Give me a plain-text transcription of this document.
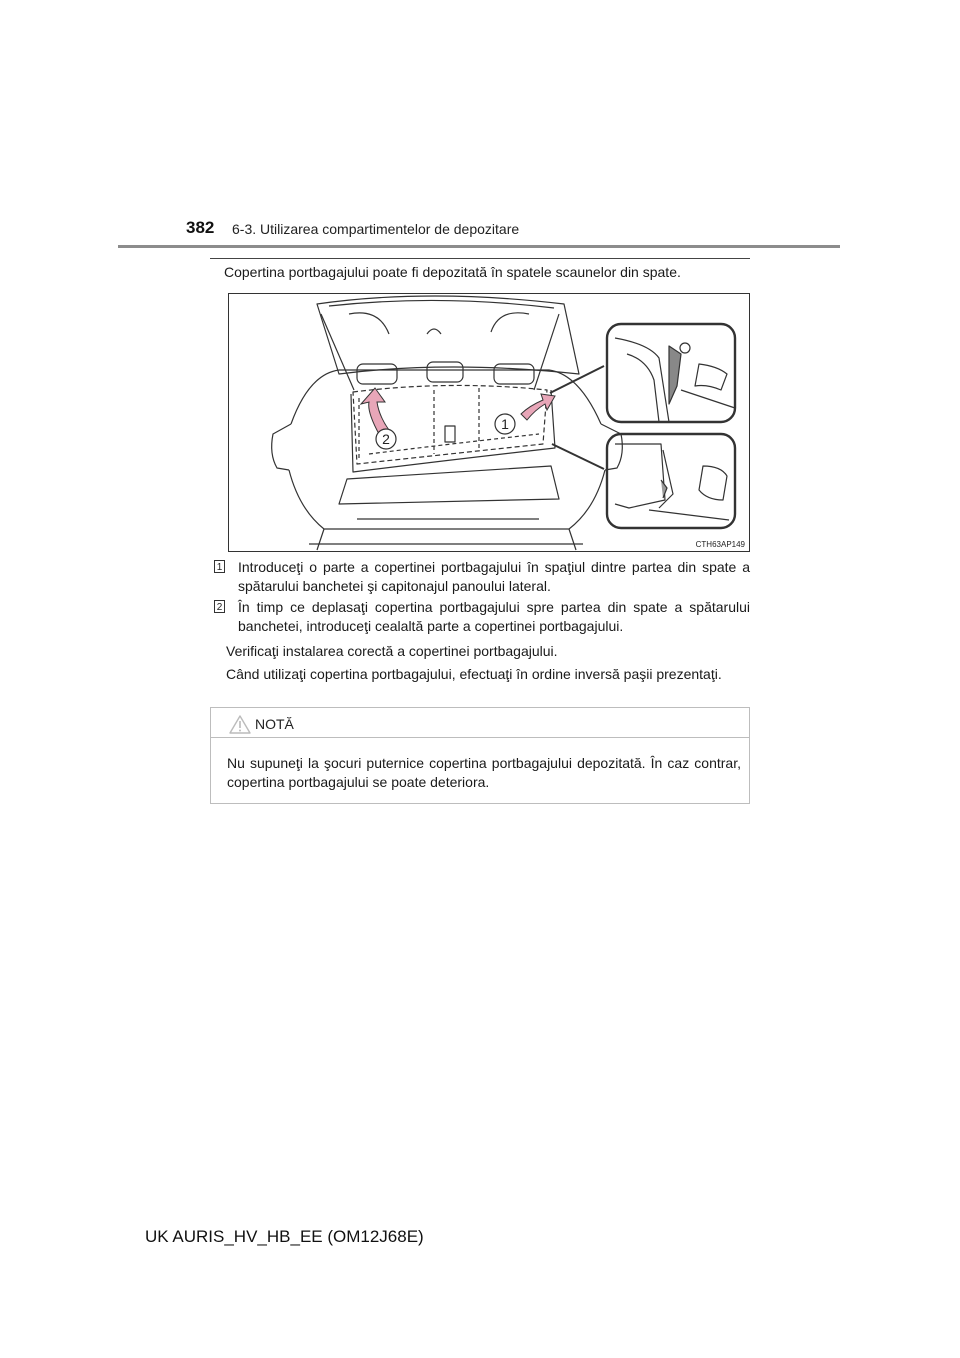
382 6-3. Utilizarea compartimentelor de depozitare
Copertina portbagajului poate fi depozitată în spatele scaunelor din spate.
2
1
CTH63AP149
1 Introduceţi o parte a copertinei portbagajului în spaţiul dintre partea din spate a spătarului banchetei şi capitonajul panoului lateral.
2 În timp ce deplasaţi copertina portbagajului spre partea din spate a spătarului banchetei, introduceţi cealaltă parte a copertinei portbagajului.
Verificaţi instalarea corectă a copertinei portbagajului.
Când utilizaţi copertina portbagajului, efectuaţi în ordine inversă paşii prezentaţi.
NOTĂ
Nu supuneţi la şocuri puternice copertina portbagajului depozitată. În caz contrar, copertina portbagajului se poate deteriora.
UK AURIS_HV_HB_EE (OM12J68E)
